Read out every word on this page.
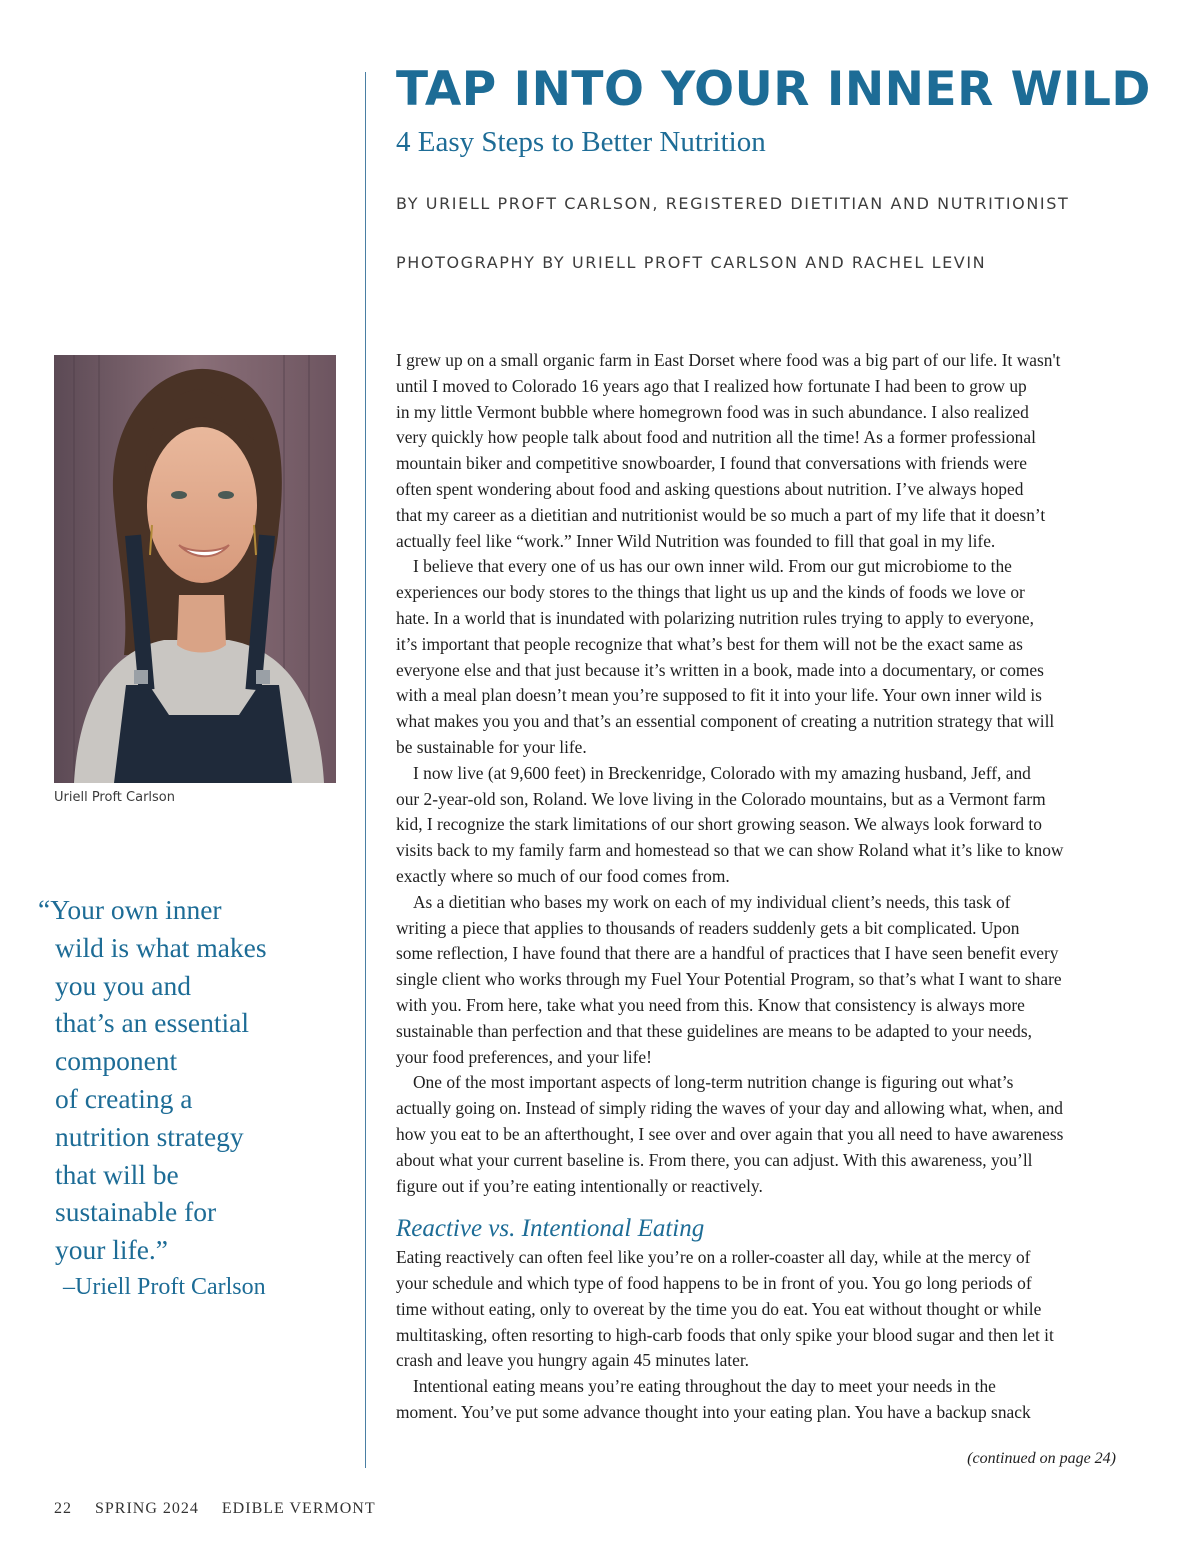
TAP INTO YOUR INNER WILD
4 Easy Steps to Better Nutrition
BY URIELL PROFT CARLSON, REGISTERED DIETITIAN AND NUTRITIONIST
PHOTOGRAPHY BY URIELL PROFT CARLSON AND RACHEL LEVIN
Uriell Proft Carlson
“Your own inner
wild is what makes
you you and
that’s an essential
component
of creating a
nutrition strategy
that will be
sustainable for
your life.”
–Uriell Proft Carlson

I grew up on a small organic farm in East Dorset where food was a big part of our life. It wasn't
until I moved to Colorado 16 years ago that I realized how fortunate I had been to grow up
in my little Vermont bubble where homegrown food was in such abundance. I also realized
very quickly how people talk about food and nutrition all the time! As a former professional
mountain biker and competitive snowboarder, I found that conversations with friends were
often spent wondering about food and asking questions about nutrition. I’ve always hoped
that my career as a dietitian and nutritionist would be so much a part of my life that it doesn’t
actually feel like “work.” Inner Wild Nutrition was founded to fill that goal in my life.

I believe that every one of us has our own inner wild. From our gut microbiome to the
experiences our body stores to the things that light us up and the kinds of foods we love or
hate. In a world that is inundated with polarizing nutrition rules trying to apply to everyone,
it’s important that people recognize that what’s best for them will not be the exact same as
everyone else and that just because it’s written in a book, made into a documentary, or comes
with a meal plan doesn’t mean you’re supposed to fit it into your life. Your own inner wild is
what makes you you and that’s an essential component of creating a nutrition strategy that will
be sustainable for your life.

I now live (at 9,600 feet) in Breckenridge, Colorado with my amazing husband, Jeff, and
our 2-year-old son, Roland. We love living in the Colorado mountains, but as a Vermont farm
kid, I recognize the stark limitations of our short growing season. We always look forward to
visits back to my family farm and homestead so that we can show Roland what it’s like to know
exactly where so much of our food comes from.

As a dietitian who bases my work on each of my individual client’s needs, this task of
writing a piece that applies to thousands of readers suddenly gets a bit complicated. Upon
some reflection, I have found that there are a handful of practices that I have seen benefit every
single client who works through my Fuel Your Potential Program, so that’s what I want to share
with you. From here, take what you need from this. Know that consistency is always more
sustainable than perfection and that these guidelines are means to be adapted to your needs,
your food preferences, and your life!

One of the most important aspects of long-term nutrition change is figuring out what’s
actually going on. Instead of simply riding the waves of your day and allowing what, when, and
how you eat to be an afterthought, I see over and over again that you all need to have awareness
about what your current baseline is. From there, you can adjust. With this awareness, you’ll
figure out if you’re eating intentionally or reactively.

Reactive vs. Intentional Eating

Eating reactively can often feel like you’re on a roller-coaster all day, while at the mercy of
your schedule and which type of food happens to be in front of you. You go long periods of
time without eating, only to overeat by the time you do eat. You eat without thought or while
multitasking, often resorting to high-carb foods that only spike your blood sugar and then let it
crash and leave you hungry again 45 minutes later.

Intentional eating means you’re eating throughout the day to meet your needs in the
moment. You’ve put some advance thought into your eating plan. You have a backup snack

(continued on page 24)
22 SPRING 2024 EDIBLE VERMONT
